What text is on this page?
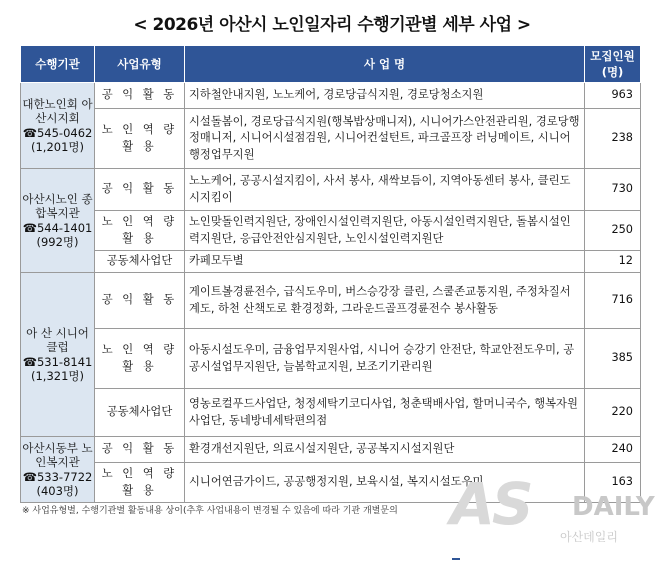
< 2026년 아산시 노인일자리 수행기관별 세부 사업 >
수행기관	사업유형	사 업 명	모집인원(명)

대한노인회 아산시지회
☎545-0462
(1,201명)	공 익 활 동	지하철안내지원, 노노케어, 경로당급식지원, 경로당청소지원	963
	노 인 역 량 활 용	시설돌봄이, 경로당급식지원(행복밥상매니저), 시니어가스안전관리원, 경로당행정매니저, 시니어시설점검원, 시니어컨설턴트, 파크골프장 러닝메이트, 시니어행정업무지원	238

아산시노인 종합복지관
☎544-1401
(992명)	공 익 활 동	노노케어, 공공시설지킴이, 사서 봉사, 새싹보듬이, 지역아동센터 봉사, 클린도시지킴이	730
	노 인 역 량 활 용	노인맞돌인력지원단, 장애인시설인력지원단, 아동시설인력지원단, 돌봄시설인력지원단, 응급안전안심지원단, 노인시설인력지원단	250
	공동체사업단	카페모두별	12

아 산 시니어클럽
☎531-8141
(1,321명)	공 익 활 동	게이트볼경륜전수, 급식도우미, 버스승강장 클린, 스쿨존교통지원, 주정차질서계도, 하천 산책도로 환경정화, 그라운드골프경륜전수 봉사활동	716
	노 인 역 량 활 용	아동시설도우미, 금융업무지원사업, 시니어 승강기 안전단, 학교안전도우미, 공공시설업무지원단, 늘봄학교지원, 보조기기관리원	385
	공동체사업단	영농로컬푸드사업단, 청정세탁기코디사업, 청춘택배사업, 할머니국수, 행복자원사업단, 동네방네세탁편의점	220

아산시동부 노인복지관
☎533-7722
(403명)	공 익 활 동	환경개선지원단, 의료시설지원단, 공공복지시설지원단	240
	노 인 역 량 활 용	시니어연금가이드, 공공행정지원, 보육시설, 복지시설도우미	163
※ 사업유형별, 수행기관별 활동내용 상이(추후 사업내용이 변경될 수 있음에 따라 기관 개별문의 AS DAILY
아산데일리
